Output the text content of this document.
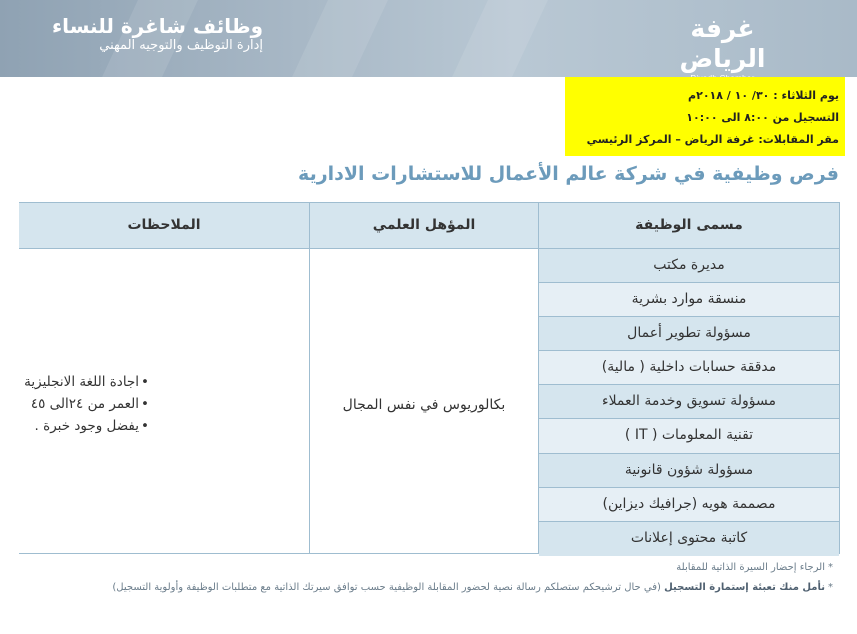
غرفة الرياض
وظائف شاغرة للنساء
إدارة التوظيف والتوجيه المهني
يوم الثلاثاء : ٣٠/ ١٠ / ٢٠١٨م
التسجيل من ٨:٠٠ الى ١٠:٠٠
مقر المقابلات: غرفة الرياض – المركز الرئيسي
فرص وظيفية في شركة عالم الأعمال للاستشارات الادارية
مسمى الوظيفة
المؤهل العلمي
الملاحظات
مديرة مكتب
منسقة موارد بشرية
مسؤولة تطوير أعمال
مدققة حسابات داخلية ( مالية)
مسؤولة تسويق وخدمة العملاء
تقنية المعلومات ( IT )
مسؤولة شؤون قانونية
مصممة هويه (جرافيك ديزاين)
كاتبة محتوى إعلانات
بكالوريوس في نفس المجال
• اجادة اللغة الانجليزية
• العمر من ٢٤الى ٤٥
• يفضل وجود خبرة .
*الرجاء إحضار السيرة الذاتية للمقابلة
*نأمل منك تعبئة إستمارة التسجيل (في حال ترشيحكم ستصلكم رسالة نصية لحضور المقابلة الوظيفية حسب توافق سيرتك الذاتية مع متطلبات الوظيفة وأولوية التسجيل)
